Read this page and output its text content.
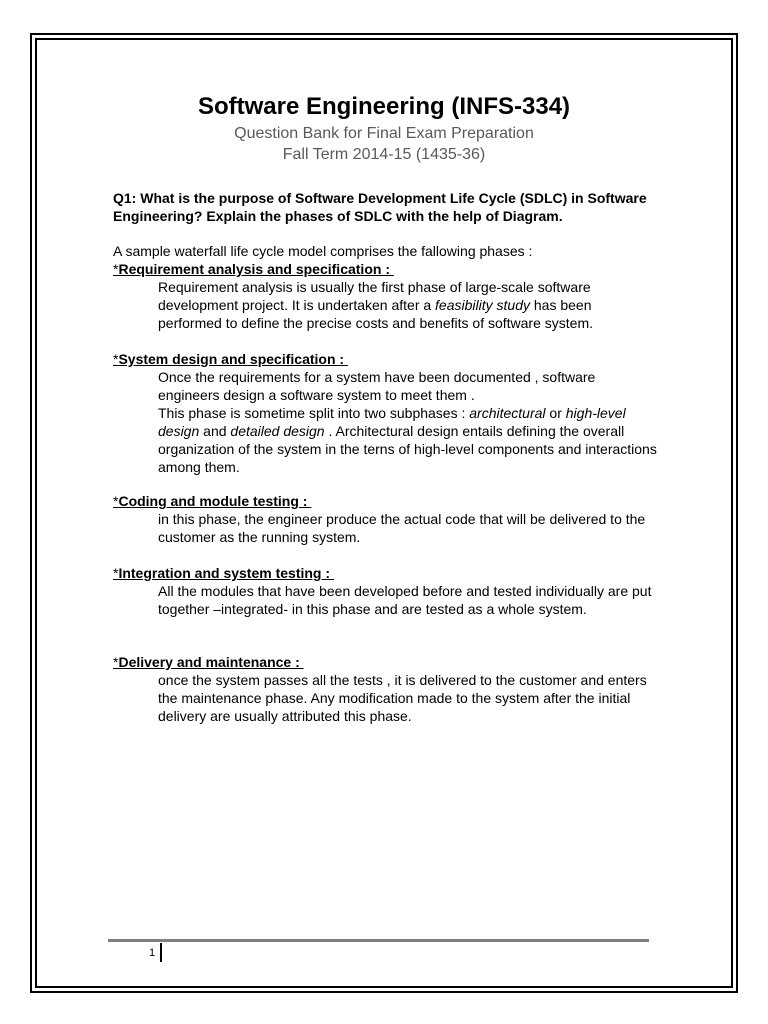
Software Engineering (INFS-334)
Question Bank for Final Exam Preparation
Fall Term 2014-15 (1435-36)
Q1: What is the purpose of Software Development Life Cycle (SDLC) in Software Engineering? Explain the phases of SDLC with the help of Diagram.
A sample waterfall life cycle model comprises the fallowing phases :
*Requirement analysis and specification :

Requirement analysis is usually the first phase of large-scale software development project. It is undertaken after a feasibility study has been performed to define the precise costs and benefits of software system.

*System design and specification :

Once the requirements for a system have been documented , software engineers design a software system to meet them .

This phase is sometime split into two subphases : architectural or high-level design and detailed design . Architectural design entails defining the overall organization of the system in the terns of high-level components and interactions among them.

*Coding and module testing :

in this phase, the engineer produce the actual code that will be delivered to the customer as the running system.

*Integration and system testing :

All the modules that have been developed before and tested individually are put together –integrated- in this phase and are tested as a whole system.

*Delivery and maintenance :

once the system passes all the tests , it is delivered to the customer and enters the maintenance phase. Any modification made to the system after the initial delivery are usually attributed this phase.

1
